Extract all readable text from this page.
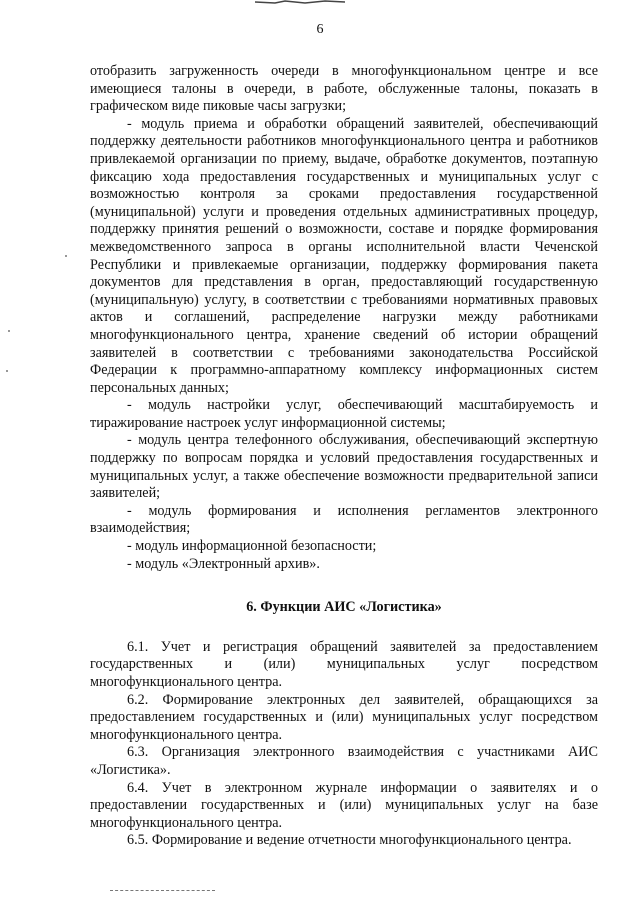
6

отобразить загруженность очереди в многофункциональном центре и все имеющиеся талоны в очереди, в работе, обслуженные талоны, показать в графическом виде пиковые часы загрузки;

- модуль приема и обработки обращений заявителей, обеспечивающий поддержку деятельности работников многофункционального центра и работников привлекаемой организации по приему, выдаче, обработке документов, поэтапную фиксацию хода предоставления государственных и муниципальных услуг с возможностью контроля за сроками предоставления государственной (муниципальной) услуги и проведения отдельных административных процедур, поддержку принятия решений о возможности, составе и порядке формирования межведомственного запроса в органы исполнительной власти Чеченской Республики и привлекаемые организации, поддержку формирования пакета документов для представления в орган, предоставляющий государственную (муниципальную) услугу, в соответствии с требованиями нормативных правовых актов и соглашений, распределение нагрузки между работниками многофункционального центра, хранение сведений об истории обращений заявителей в соответствии с требованиями законодательства Российской Федерации к программно-аппаратному комплексу информационных систем персональных данных;

- модуль настройки услуг, обеспечивающий масштабируемость и тиражирование настроек услуг информационной системы;

- модуль центра телефонного обслуживания, обеспечивающий экспертную поддержку по вопросам порядка и условий предоставления государственных и муниципальных услуг, а также обеспечение возможности предварительной записи заявителей;

- модуль формирования и исполнения регламентов электронного взаимодействия;

- модуль информационной безопасности;

- модуль «Электронный архив».

6. Функции АИС «Логистика»

6.1. Учет и регистрация обращений заявителей за предоставлением государственных и (или) муниципальных услуг посредством многофункционального центра.

6.2. Формирование электронных дел заявителей, обращающихся за предоставлением государственных и (или) муниципальных услуг посредством многофункционального центра.

6.3. Организация электронного взаимодействия с участниками АИС «Логистика».

6.4. Учет в электронном журнале информации о заявителях и о предоставлении государственных и (или) муниципальных услуг на базе многофункционального центра.

6.5. Формирование и ведение отчетности многофункционального центра.
